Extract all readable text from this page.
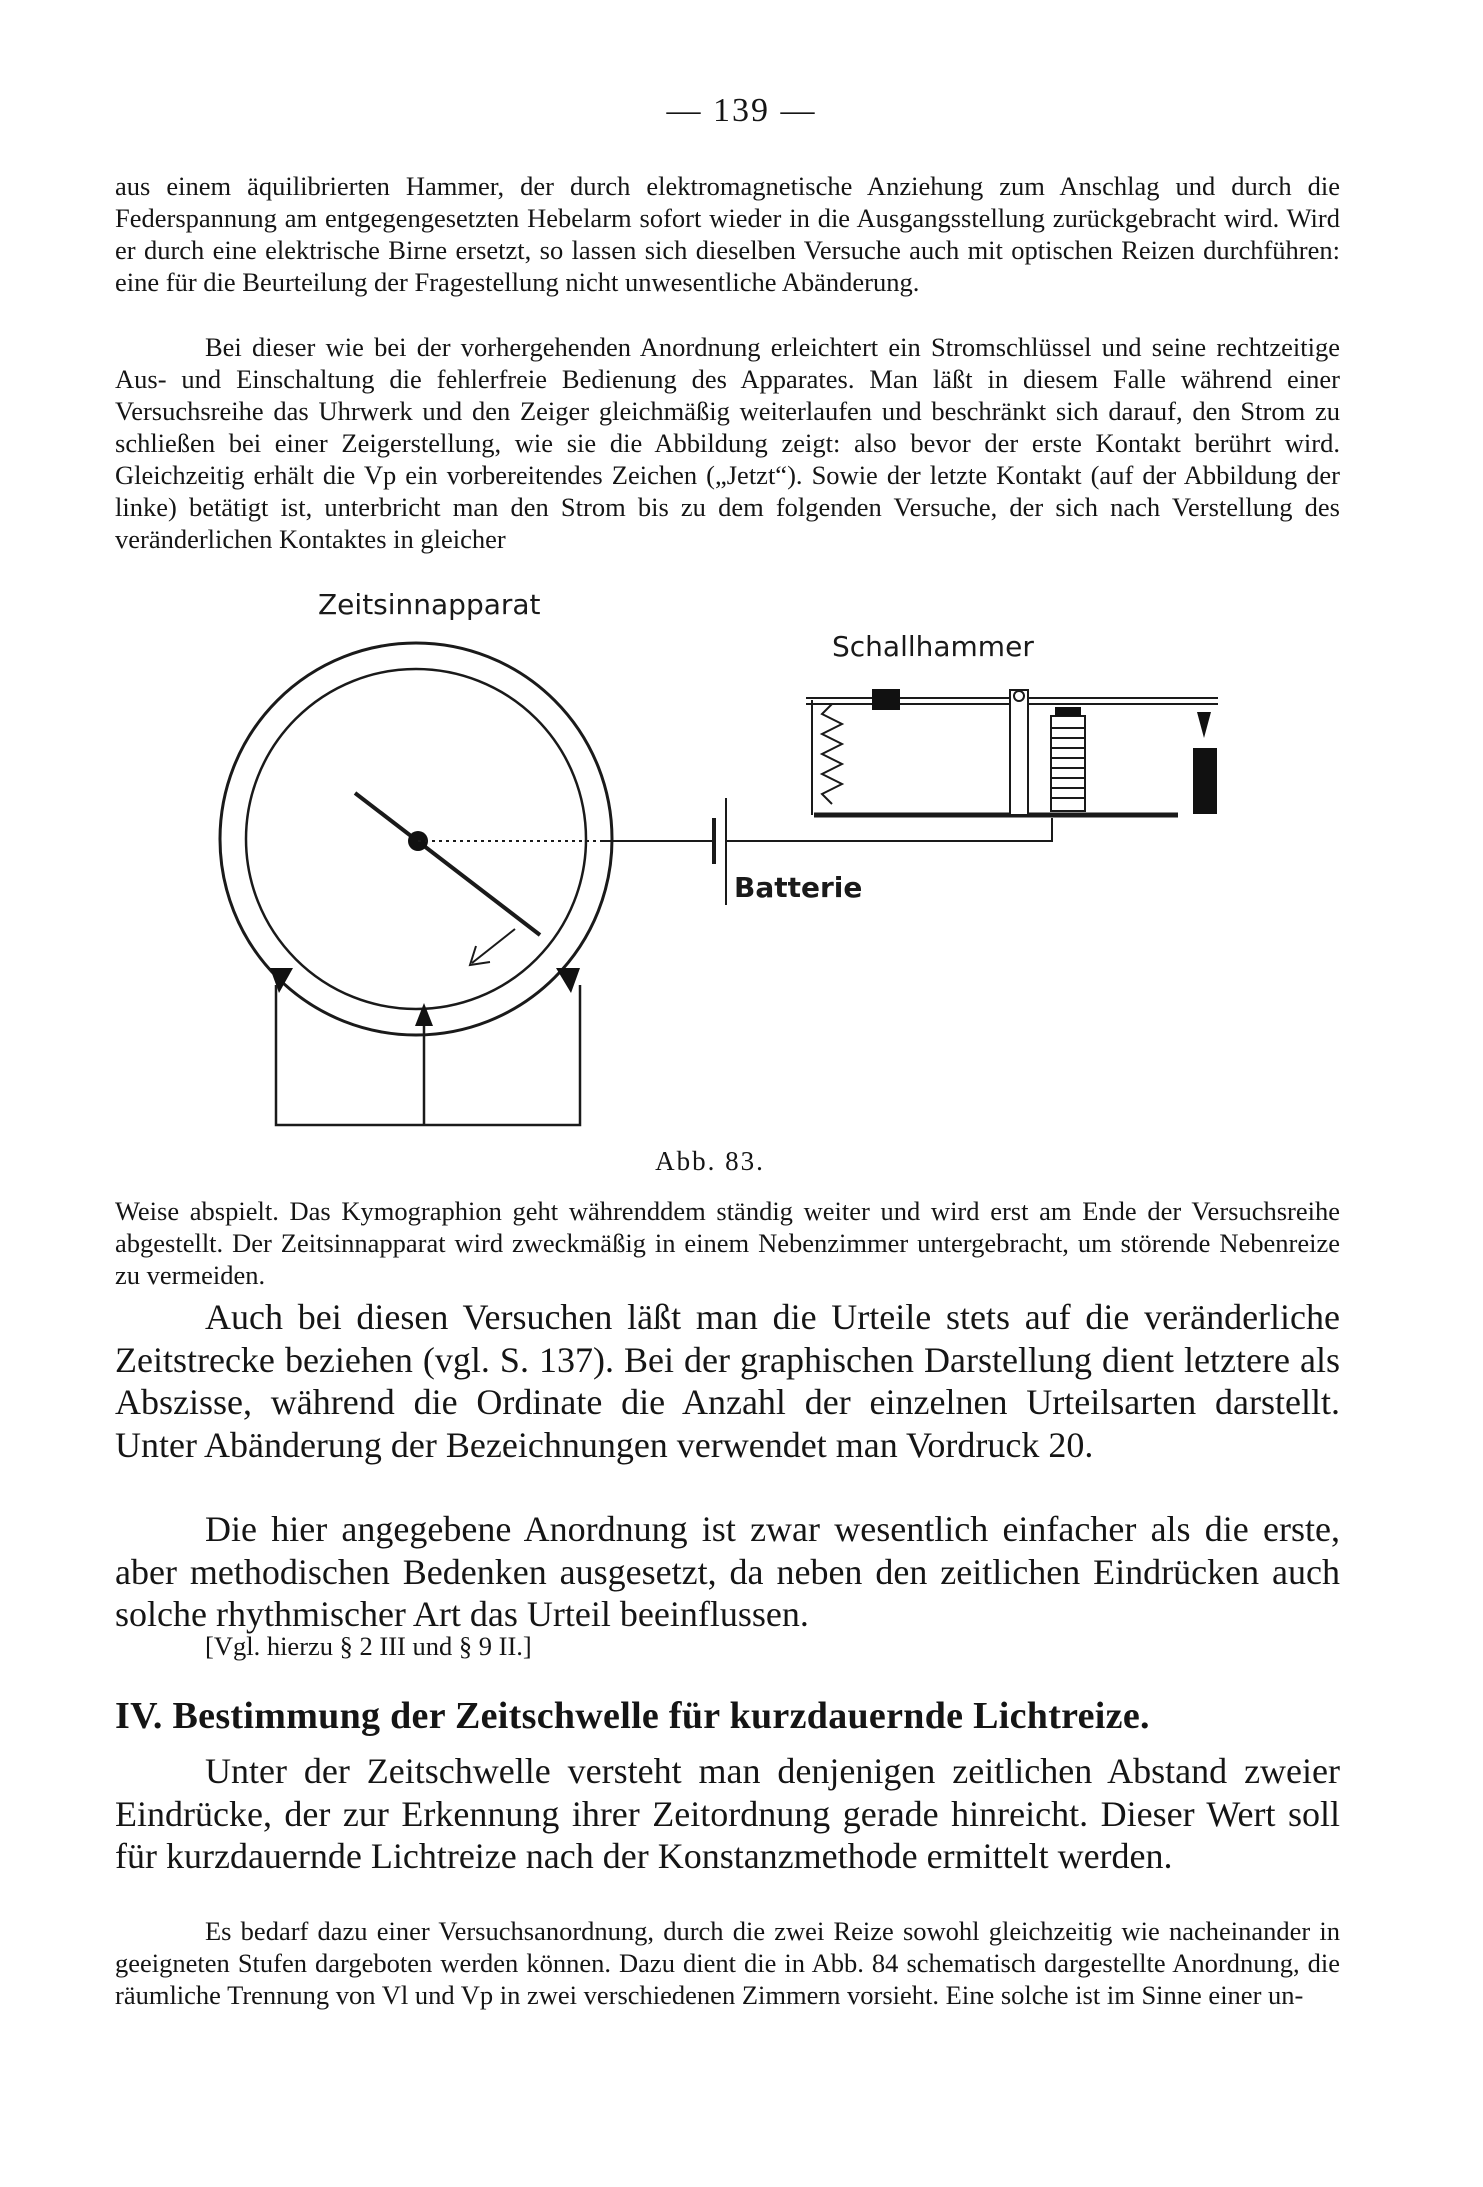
— 139 —

aus einem äquilibrierten Hammer, der durch elektromagnetische Anziehung zum Anschlag und durch die Federspannung am entgegengesetzten Hebelarm sofort wieder in die Ausgangsstellung zurückgebracht wird. Wird er durch eine elektrische Birne ersetzt, so lassen sich dieselben Versuche auch mit optischen Reizen durchführen: eine für die Beurteilung der Fragestellung nicht unwesentliche Abänderung.

Bei dieser wie bei der vorhergehenden Anordnung erleichtert ein Stromschlüssel und seine rechtzeitige Aus- und Einschaltung die fehlerfreie Bedienung des Apparates. Man läßt in diesem Falle während einer Versuchsreihe das Uhrwerk und den Zeiger gleichmäßig weiterlaufen und beschränkt sich darauf, den Strom zu schließen bei einer Zeigerstellung, wie sie die Abbildung zeigt: also bevor der erste Kontakt berührt wird. Gleichzeitig erhält die Vp ein vorbereitendes Zeichen („Jetzt“). Sowie der letzte Kontakt (auf der Abbildung der linke) betätigt ist, unterbricht man den Strom bis zu dem folgenden Versuche, der sich nach Verstellung des veränderlichen Kontaktes in gleicher

Zeitsinnapparat
Schallhammer
Batterie
Abb. 83.

Weise abspielt. Das Kymographion geht währenddem ständig weiter und wird erst am Ende der Versuchsreihe abgestellt. Der Zeitsinnapparat wird zweckmäßig in einem Nebenzimmer untergebracht, um störende Nebenreize zu vermeiden.

Auch bei diesen Versuchen läßt man die Urteile stets auf die veränderliche Zeitstrecke beziehen (vgl. S. 137). Bei der graphischen Darstellung dient letztere als Abszisse, während die Ordinate die Anzahl der einzelnen Urteilsarten darstellt. Unter Abänderung der Bezeichnungen verwendet man Vordruck 20.

Die hier angegebene Anordnung ist zwar wesentlich einfacher als die erste, aber methodischen Bedenken ausgesetzt, da neben den zeitlichen Eindrücken auch solche rhythmischer Art das Urteil beeinflussen.

[Vgl. hierzu § 2 III und § 9 II.]

IV. Bestimmung der Zeitschwelle für kurzdauernde Lichtreize.

Unter der Zeitschwelle versteht man denjenigen zeitlichen Abstand zweier Eindrücke, der zur Erkennung ihrer Zeitordnung gerade hinreicht. Dieser Wert soll für kurzdauernde Lichtreize nach der Konstanzmethode ermittelt werden.

Es bedarf dazu einer Versuchsanordnung, durch die zwei Reize sowohl gleichzeitig wie nacheinander in geeigneten Stufen dargeboten werden können. Dazu dient die in Abb. 84 schematisch dargestellte Anordnung, die räumliche Trennung von Vl und Vp in zwei verschiedenen Zimmern vorsieht. Eine solche ist im Sinne einer un-
